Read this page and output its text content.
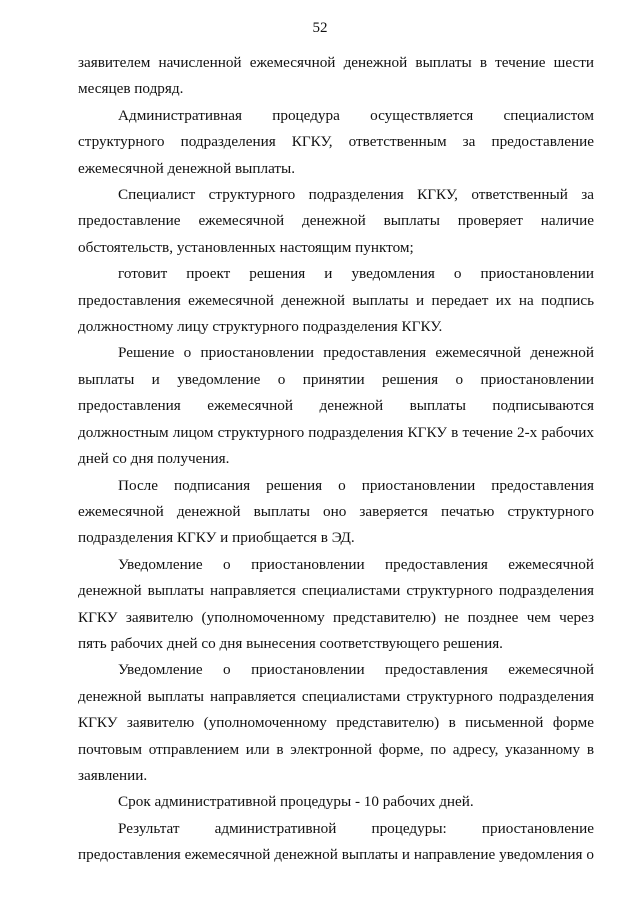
52

заявителем начисленной ежемесячной денежной выплаты в течение шести месяцев подряд.

Административная процедура осуществляется специалистом структурного подразделения КГКУ, ответственным за предоставление ежемесячной денежной выплаты.

Специалист структурного подразделения КГКУ, ответственный за предоставление ежемесячной денежной выплаты проверяет наличие обстоятельств, установленных настоящим пунктом;

готовит проект решения и уведомления о приостановлении предоставления ежемесячной денежной выплаты и передает их на подпись должностному лицу структурного подразделения КГКУ.

Решение о приостановлении предоставления ежемесячной денежной выплаты и уведомление о принятии решения о приостановлении предоставления ежемесячной денежной выплаты подписываются должностным лицом структурного подразделения КГКУ в течение 2-х рабочих дней со дня получения.

После подписания решения о приостановлении предоставления ежемесячной денежной выплаты оно заверяется печатью структурного подразделения КГКУ и приобщается в ЭД.

Уведомление о приостановлении предоставления ежемесячной денежной выплаты направляется специалистами структурного подразделения КГКУ заявителю (уполномоченному представителю) не позднее чем через пять рабочих дней со дня вынесения соответствующего решения.

Уведомление о приостановлении предоставления ежемесячной денежной выплаты направляется специалистами структурного подразделения КГКУ заявителю (уполномоченному представителю) в письменной форме почтовым отправлением или в электронной форме, по адресу, указанному в заявлении.

Срок административной процедуры - 10 рабочих дней.

Результат административной процедуры: приостановление предоставления ежемесячной денежной выплаты и направление уведомления о
